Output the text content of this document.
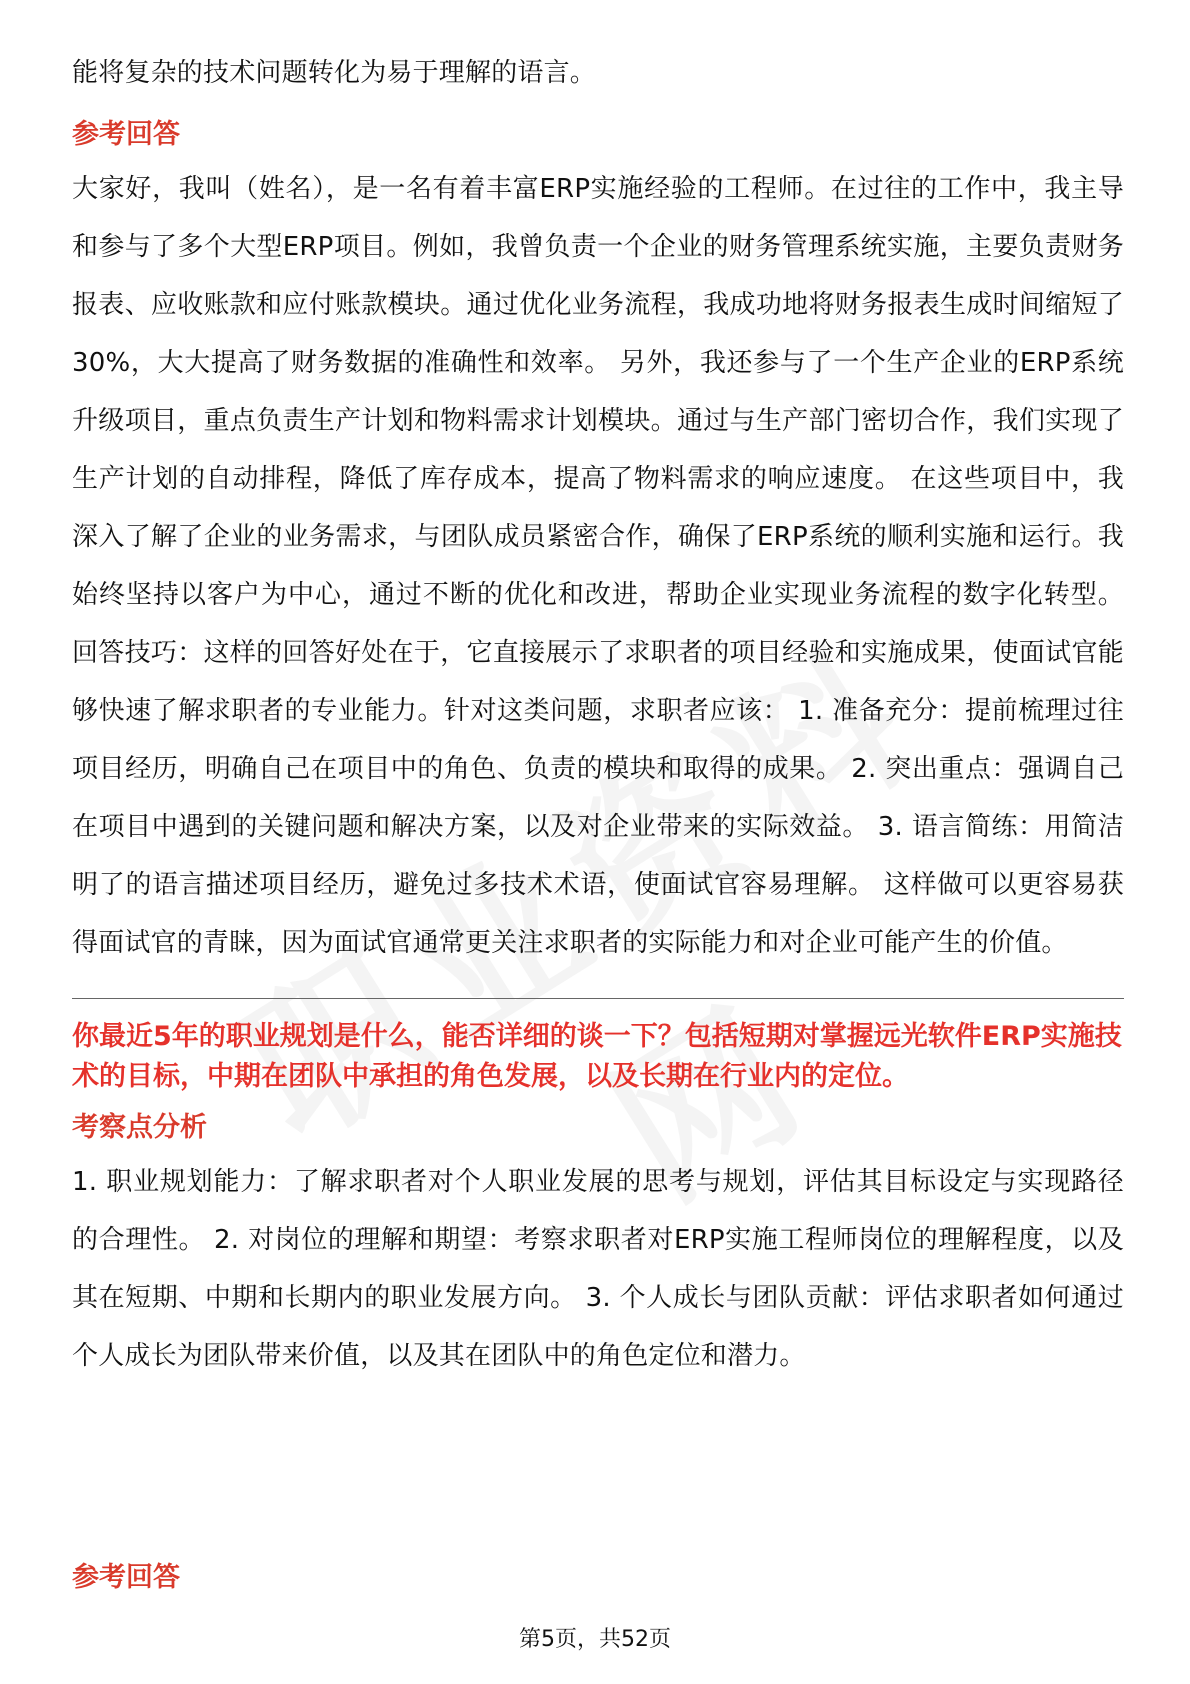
能将复杂的技术问题转化为易于理解的语言。

参考回答

大家好，我叫（姓名），是一名有着丰富ERP实施经验的工程师。在过往的工作中，我主导和参与了多个大型ERP项目。例如，我曾负责一个企业的财务管理系统实施，主要负责财务报表、应收账款和应付账款模块。通过优化业务流程，我成功地将财务报表生成时间缩短了30%，大大提高了财务数据的准确性和效率。 另外，我还参与了一个生产企业的ERP系统升级项目，重点负责生产计划和物料需求计划模块。通过与生产部门密切合作，我们实现了生产计划的自动排程，降低了库存成本，提高了物料需求的响应速度。 在这些项目中，我深入了解了企业的业务需求，与团队成员紧密合作，确保了ERP系统的顺利实施和运行。我始终坚持以客户为中心，通过不断的优化和改进，帮助企业实现业务流程的数字化转型。 回答技巧：这样的回答好处在于，它直接展示了求职者的项目经验和实施成果，使面试官能够快速了解求职者的专业能力。针对这类问题，求职者应该： 1. 准备充分：提前梳理过往项目经历，明确自己在项目中的角色、负责的模块和取得的成果。 2. 突出重点：强调自己在项目中遇到的关键问题和解决方案，以及对企业带来的实际效益。 3. 语言简练：用简洁明了的语言描述项目经历，避免过多技术术语，使面试官容易理解。 这样做可以更容易获得面试官的青睐，因为面试官通常更关注求职者的实际能力和对企业可能产生的价值。

你最近5年的职业规划是什么，能否详细的谈一下？包括短期对掌握远光软件ERP实施技术的目标，中期在团队中承担的角色发展，以及长期在行业内的定位。

考察点分析

1. 职业规划能力：了解求职者对个人职业发展的思考与规划，评估其目标设定与实现路径的合理性。 2. 对岗位的理解和期望：考察求职者对ERP实施工程师岗位的理解程度，以及其在短期、中期和长期内的职业发展方向。 3. 个人成长与团队贡献：评估求职者如何通过个人成长为团队带来价值，以及其在团队中的角色定位和潜力。

参考回答

第5页，共52页
